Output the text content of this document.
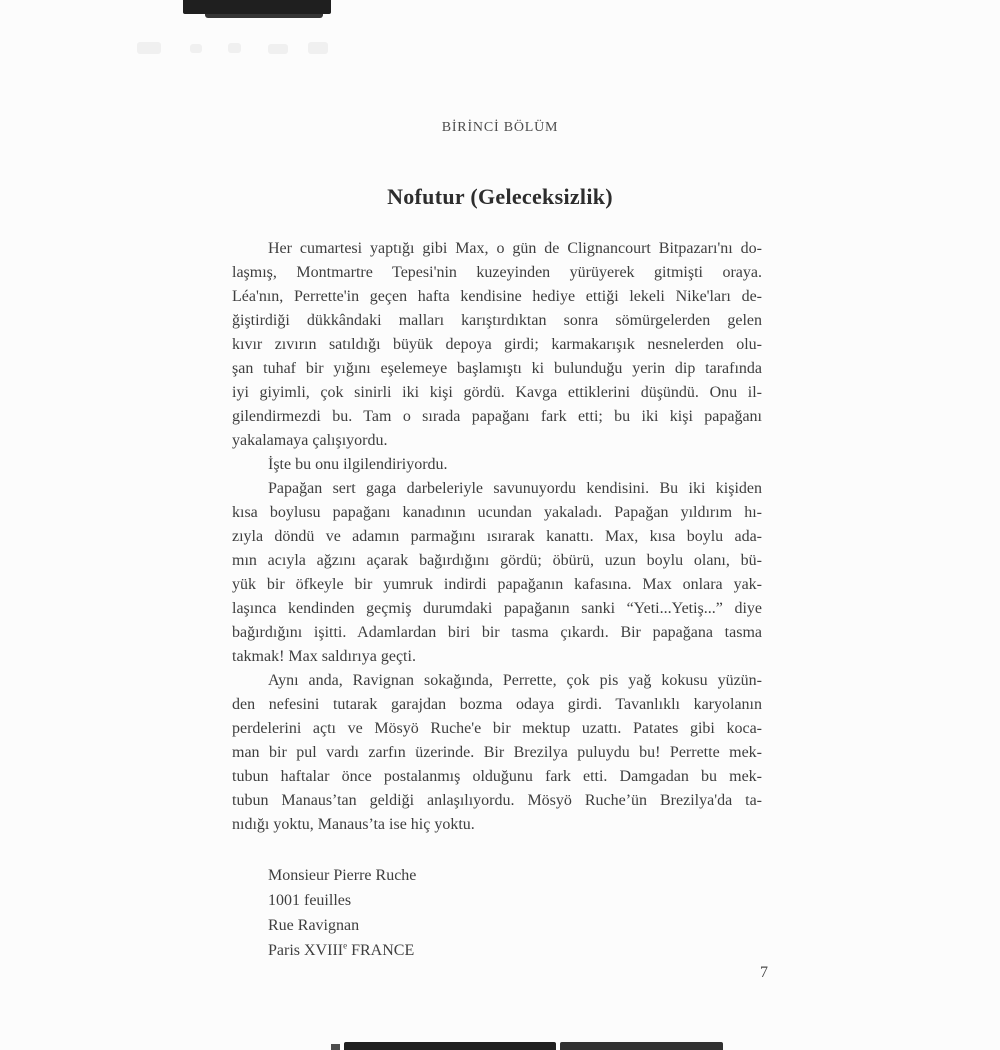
BİRİNCİ BÖLÜM
Nofutur (Geleceksizlik)
Her cumartesi yaptığı gibi Max, o gün de Clignancourt Bitpazarı'nı do-
laşmış, Montmartre Tepesi'nin kuzeyinden yürüyerek gitmişti oraya.
Léa'nın, Perrette'in geçen hafta kendisine hediye ettiği lekeli Nike'ları de-
ğiştirdiği dükkândaki malları karıştırdıktan sonra sömürgelerden gelen
kıvır zıvırın satıldığı büyük depoya girdi; karmakarışık nesnelerden olu-
şan tuhaf bir yığını eşelemeye başlamıştı ki bulunduğu yerin dip tarafında
iyi giyimli, çok sinirli iki kişi gördü. Kavga ettiklerini düşündü. Onu il-
gilendirmezdi bu. Tam o sırada papağanı fark etti; bu iki kişi papağanı
yakalamaya çalışıyordu.
İşte bu onu ilgilendiriyordu.
Papağan sert gaga darbeleriyle savunuyordu kendisini. Bu iki kişiden
kısa boylusu papağanı kanadının ucundan yakaladı. Papağan yıldırım hı-
zıyla döndü ve adamın parmağını ısırarak kanattı. Max, kısa boylu ada-
mın acıyla ağzını açarak bağırdığını gördü; öbürü, uzun boylu olanı, bü-
yük bir öfkeyle bir yumruk indirdi papağanın kafasına. Max onlara yak-
laşınca kendinden geçmiş durumdaki papağanın sanki “Yeti...Yetiş...” diye
bağırdığını işitti. Adamlardan biri bir tasma çıkardı. Bir papağana tasma
takmak! Max saldırıya geçti.
Aynı anda, Ravignan sokağında, Perrette, çok pis yağ kokusu yüzün-
den nefesini tutarak garajdan bozma odaya girdi. Tavanlıklı karyolanın
perdelerini açtı ve Mösyö Ruche'e bir mektup uzattı. Patates gibi koca-
man bir pul vardı zarfın üzerinde. Bir Brezilya puluydu bu! Perrette mek-
tubun haftalar önce postalanmış olduğunu fark etti. Damgadan bu mek-
tubun Manaus’tan geldiği anlaşılıyordu. Mösyö Ruche’ün Brezilya'da ta-
nıdığı yoktu, Manaus’ta ise hiç yoktu.
Monsieur Pierre Ruche
1001 feuilles
Rue Ravignan
Paris XVIIIe FRANCE
7
